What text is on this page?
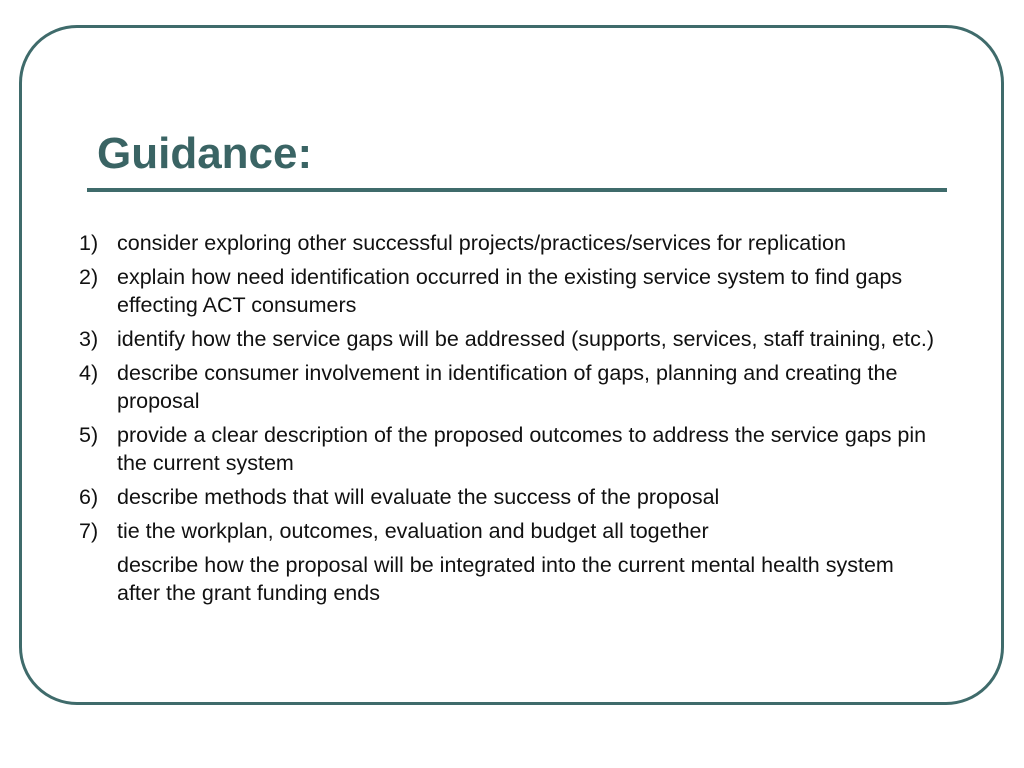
Guidance:
1) consider exploring other successful projects/practices/services for replication
2) explain how need identification occurred in the existing service system to find gaps effecting ACT consumers
3) identify how the service gaps will be addressed (supports, services, staff training, etc.)
4) describe consumer involvement in identification of gaps, planning and creating the proposal
5) provide a clear description of the proposed outcomes to address the service gaps pin the current system
6) describe methods that will evaluate the success of the proposal
7) tie the workplan, outcomes, evaluation and budget all together
describe how the proposal will be integrated into the current mental health system after the grant funding ends
